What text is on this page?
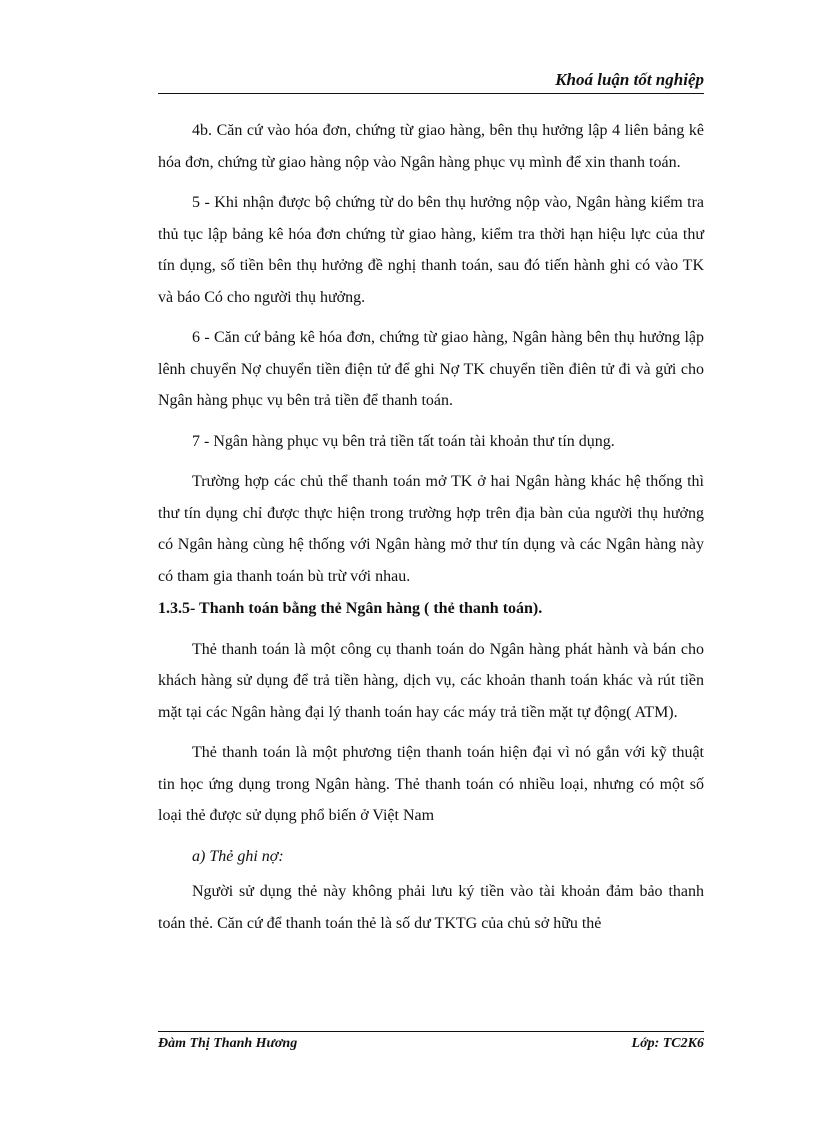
Khoá luận tốt nghiệp

4b. Căn cứ vào hóa đơn, chứng từ giao hàng, bên thụ hưởng lập 4 liên bảng kê hóa đơn, chứng từ giao hàng nộp vào Ngân hàng phục vụ mình để xin thanh toán.

5 - Khi nhận được bộ chứng từ do bên thụ hưởng nộp vào, Ngân hàng kiểm tra thủ tục lập bảng kê hóa đơn chứng từ giao hàng, kiểm tra thời hạn hiệu lực của thư tín dụng, số tiền bên thụ hưởng đề nghị thanh toán, sau đó tiến hành ghi có vào TK và báo Có cho người thụ hưởng.

6 - Căn cứ bảng kê hóa đơn, chứng từ giao hàng, Ngân hàng bên thụ hưởng lập lênh chuyển Nợ chuyển tiền điện tử để ghi Nợ TK chuyển tiền điên tử đi và gửi cho Ngân hàng phục vụ bên trả tiền để thanh toán.

7 - Ngân hàng phục vụ bên trả tiền tất toán tài khoản thư tín dụng.

Trường hợp các chủ thể thanh toán mở TK ở hai Ngân hàng khác hệ thống thì thư tín dụng chỉ được thực hiện trong trường hợp trên địa bàn của người thụ hưởng có Ngân hàng cùng hệ thống với Ngân hàng mở thư tín dụng và các Ngân hàng này có tham gia thanh toán bù trừ với nhau.

1.3.5- Thanh toán bằng thẻ Ngân hàng ( thẻ thanh toán).

Thẻ thanh toán là một công cụ thanh toán do Ngân hàng phát hành và bán cho khách hàng sử dụng để trả tiền hàng, dịch vụ, các khoản thanh toán khác và rút tiền mặt tại các Ngân hàng đại lý thanh toán hay các máy trả tiền mặt tự động( ATM).

Thẻ thanh toán là một phương tiện thanh toán hiện đại vì nó gắn với kỹ thuật tin học ứng dụng trong Ngân hàng. Thẻ thanh toán có nhiều loại, nhưng có một số loại thẻ được sử dụng phổ biến ở Việt Nam

a) Thẻ ghi nợ:

Người sử dụng thẻ này không phải lưu ký tiền vào tài khoản đảm bảo thanh toán thẻ. Căn cứ để thanh toán thẻ là số dư TKTG của chủ sở hữu thẻ

Đàm Thị Thanh Hương	Lớp: TC2K6
